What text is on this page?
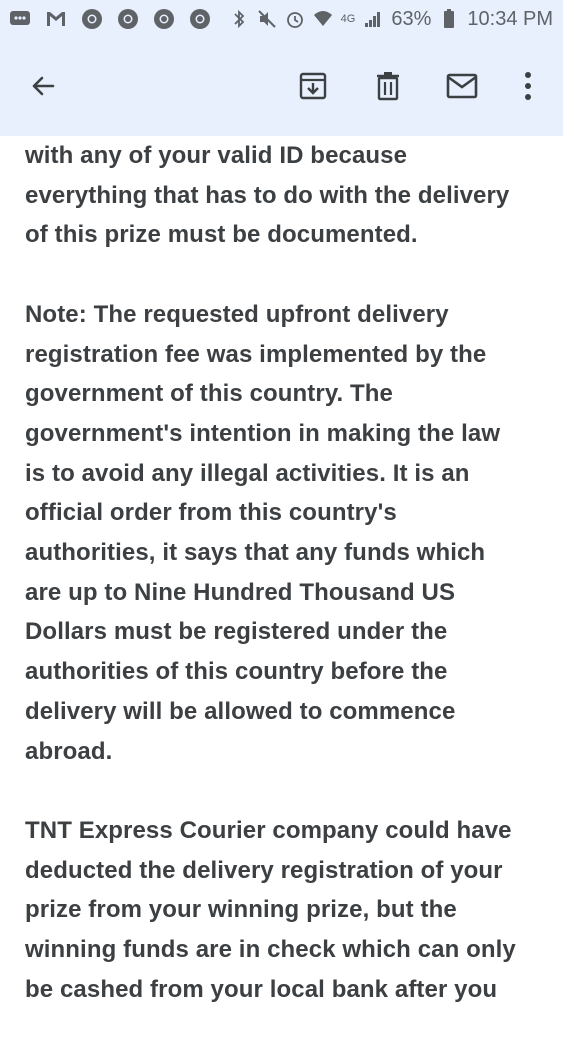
4G 63% 10:34 PM
with any of your valid ID because
everything that has to do with the delivery
of this prize must be documented.
Note: The requested upfront delivery
registration fee was implemented by the
government of this country. The
government's intention in making the law
is to avoid any illegal activities. It is an
official order from this country's
authorities, it says that any funds which
are up to Nine Hundred Thousand US
Dollars must be registered under the
authorities of this country before the
delivery will be allowed to commence
abroad.
TNT Express Courier company could have
deducted the delivery registration of your
prize from your winning prize, but the
winning funds are in check which can only
be cashed from your local bank after you
